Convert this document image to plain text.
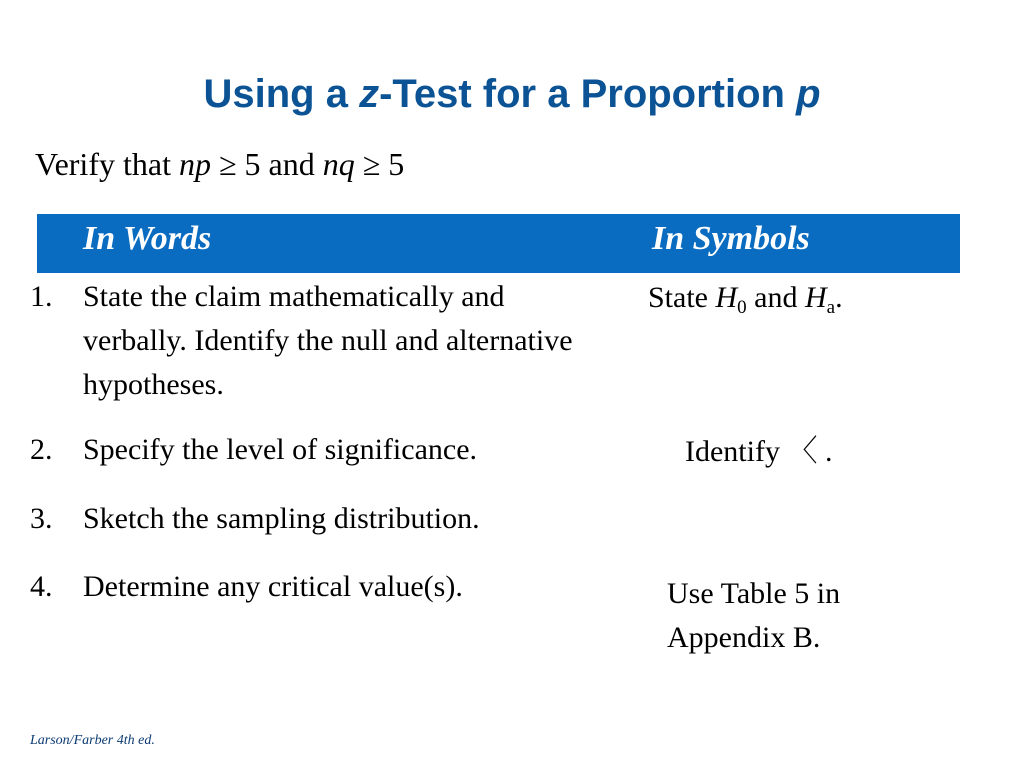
Using a z-Test for a Proportion p
Verify that np ≥ 5 and nq ≥ 5
In Words	In Symbols
1. State the claim mathematically and verbally. Identify the null and alternative hypotheses.
2. Specify the level of significance.
3. Sketch the sampling distribution.
4. Determine any critical value(s).
State $H_0$ and $H_a$.
Identify 〈 .
Use Table 5 in Appendix B.
Larson/Farber 4th ed.
